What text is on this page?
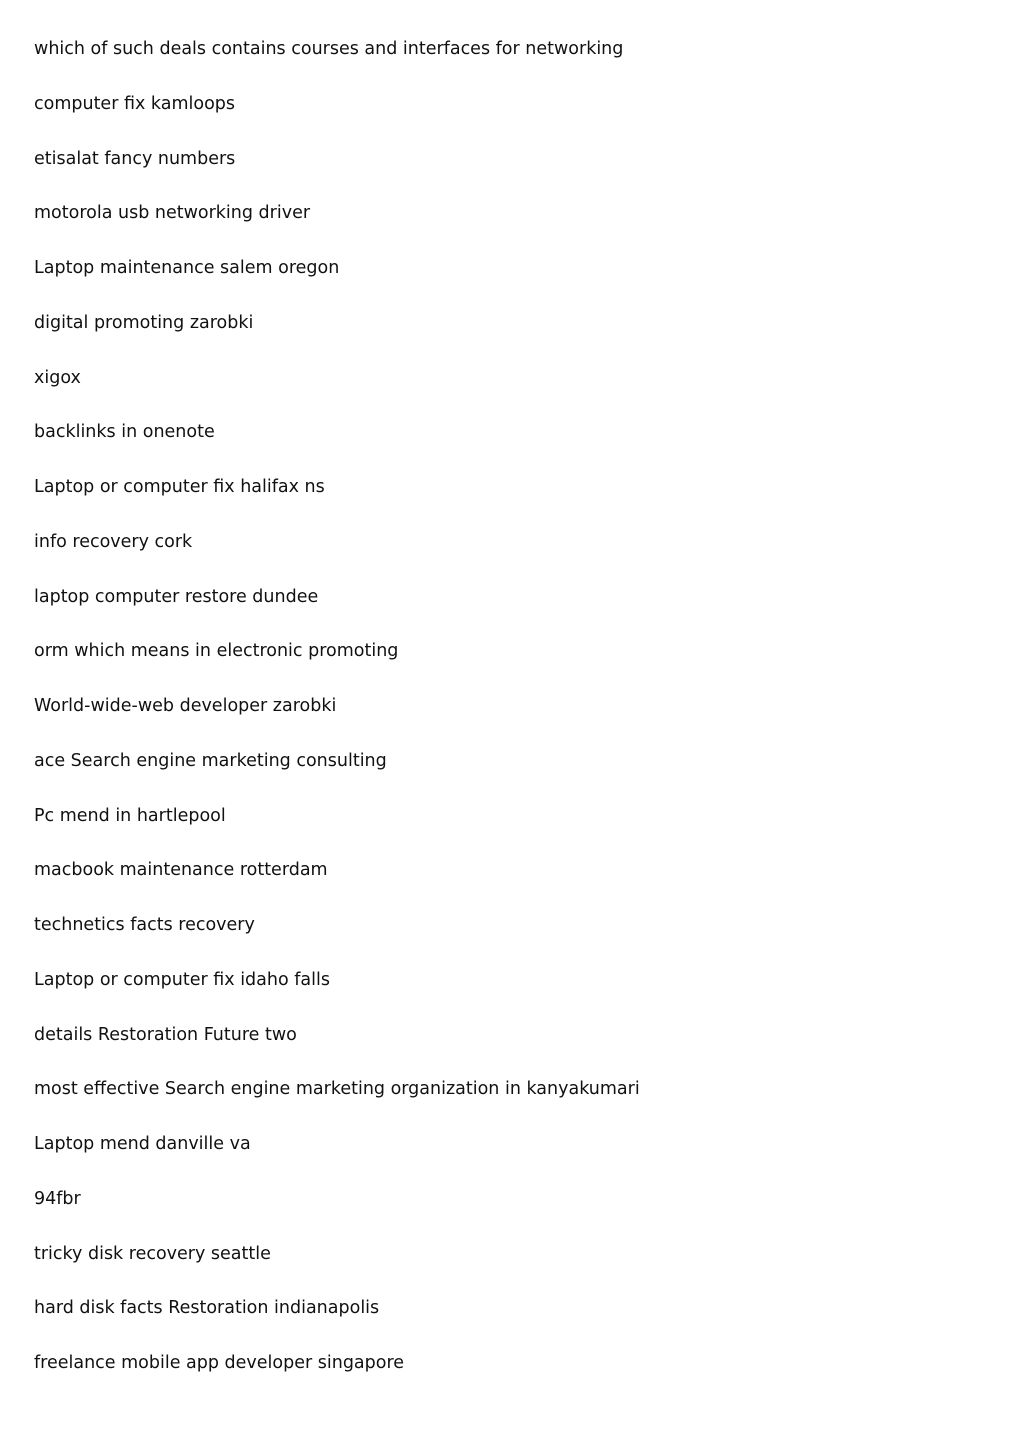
which of such deals contains courses and interfaces for networking

computer fix kamloops

etisalat fancy numbers

motorola usb networking driver

Laptop maintenance salem oregon

digital promoting zarobki

xigox

backlinks in onenote

Laptop or computer fix halifax ns

info recovery cork

laptop computer restore dundee

orm which means in electronic promoting

World-wide-web developer zarobki

ace Search engine marketing consulting

Pc mend in hartlepool

macbook maintenance rotterdam

technetics facts recovery

Laptop or computer fix idaho falls

details Restoration Future two

most effective Search engine marketing organization in kanyakumari

Laptop mend danville va

94fbr

tricky disk recovery seattle

hard disk facts Restoration indianapolis

freelance mobile app developer singapore
